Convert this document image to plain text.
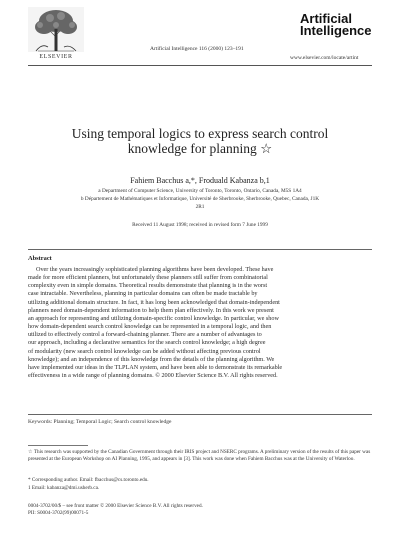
ELSEVIER
Artificial Intelligence 116 (2000) 123–191
Artificial
Intelligence
www.elsevier.com/locate/artint
Using temporal logics to express search control
knowledge for planning ☆
Fahiem Bacchus a,*, Froduald Kabanza b,1
a Department of Computer Science, University of Toronto, Toronto, Ontario, Canada, M5S 1A4
b Département de Mathématiques et Informatique, Université de Sherbrooke, Sherbrooke, Quebec, Canada, J1K
2R1
Received 11 August 1998; received in revised form 7 June 1999
Abstract
Over the years increasingly sophisticated planning algorithms have been developed. These have
made for more efficient planners, but unfortunately these planners still suffer from combinatorial
complexity even in simple domains. Theoretical results demonstrate that planning is in the worst
case intractable. Nevertheless, planning in particular domains can often be made tractable by
utilizing additional domain structure. In fact, it has long been acknowledged that domain-independent
planners need domain-dependent information to help them plan effectively. In this work we present
an approach for representing and utilizing domain-specific control knowledge. In particular, we show
how domain-dependent search control knowledge can be represented in a temporal logic, and then
utilized to effectively control a forward-chaining planner. There are a number of advantages to
our approach, including a declarative semantics for the search control knowledge; a high degree
of modularity (new search control knowledge can be added without affecting previous control
knowledge); and an independence of this knowledge from the details of the planning algorithm. We
have implemented our ideas in the TLPLAN system, and have been able to demonstrate its remarkable
effectiveness in a wide range of planning domains. © 2000 Elsevier Science B.V. All rights reserved.
Keywords: Planning; Temporal Logic; Search control knowledge
☆ This research was supported by the Canadian Government through their IRIS project and NSERC programs. A preliminary version of the results of this paper was presented at the European Workshop on AI Planning, 1995, and appears in [3]. This work was done when Fahiem Bacchus was at the University of Waterloo.
* Corresponding author. Email: fbacchus@cs.toronto.edu.
1 Email: kabanza@dmi.usherb.ca.
0004-3702/00/$ – see front matter © 2000 Elsevier Science B.V. All rights reserved.
PII: S0004-3702(99)00071-5
